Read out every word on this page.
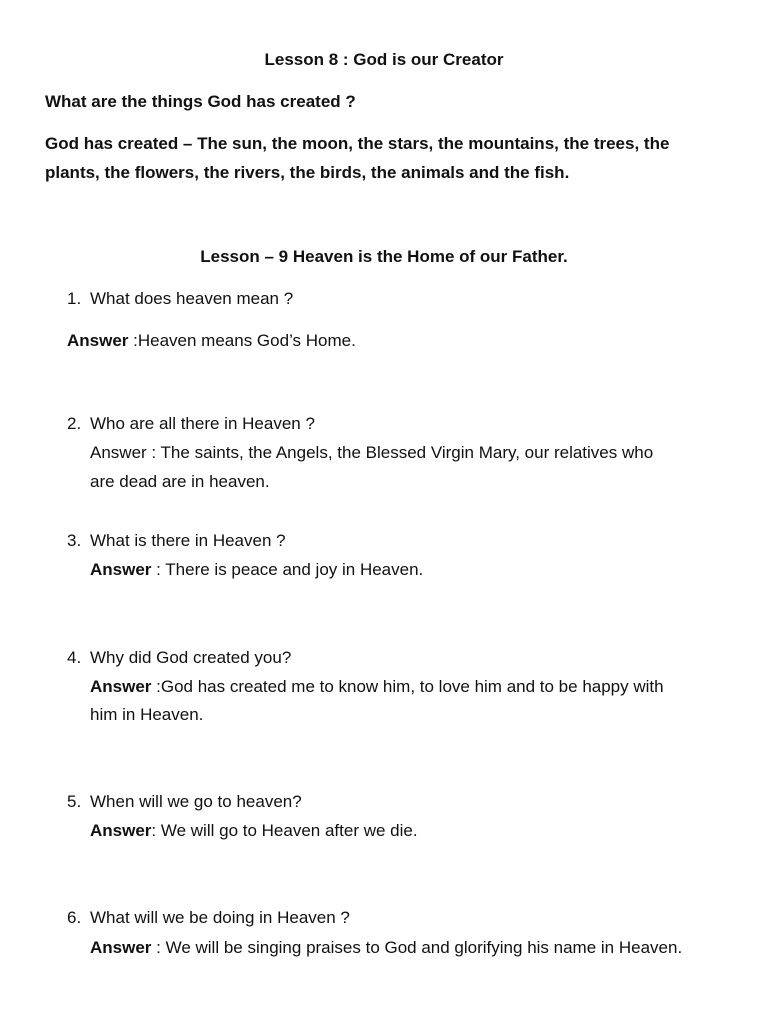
Lesson 8 : God is our Creator
What are the things God has created ?
God has created – The sun, the moon, the stars, the mountains, the trees, the
plants, the flowers, the rivers, the birds, the animals and the fish.
Lesson – 9 Heaven is the Home of our Father.
1. What does heaven mean ?
Answer :Heaven means God’s Home.
2. Who are all there in Heaven ?
Answer : The saints, the Angels, the Blessed Virgin Mary, our relatives who
are dead are in heaven.
3. What is there in Heaven ?
Answer : There is peace and joy in Heaven.
4. Why did God created you?
Answer :God has created me to know him, to love him and to be happy with
him in Heaven.
5. When will we go to heaven?
Answer: We will go to Heaven after we die.
6. What will we be doing in Heaven ?
Answer : We will be singing praises to God and glorifying his name in Heaven.
